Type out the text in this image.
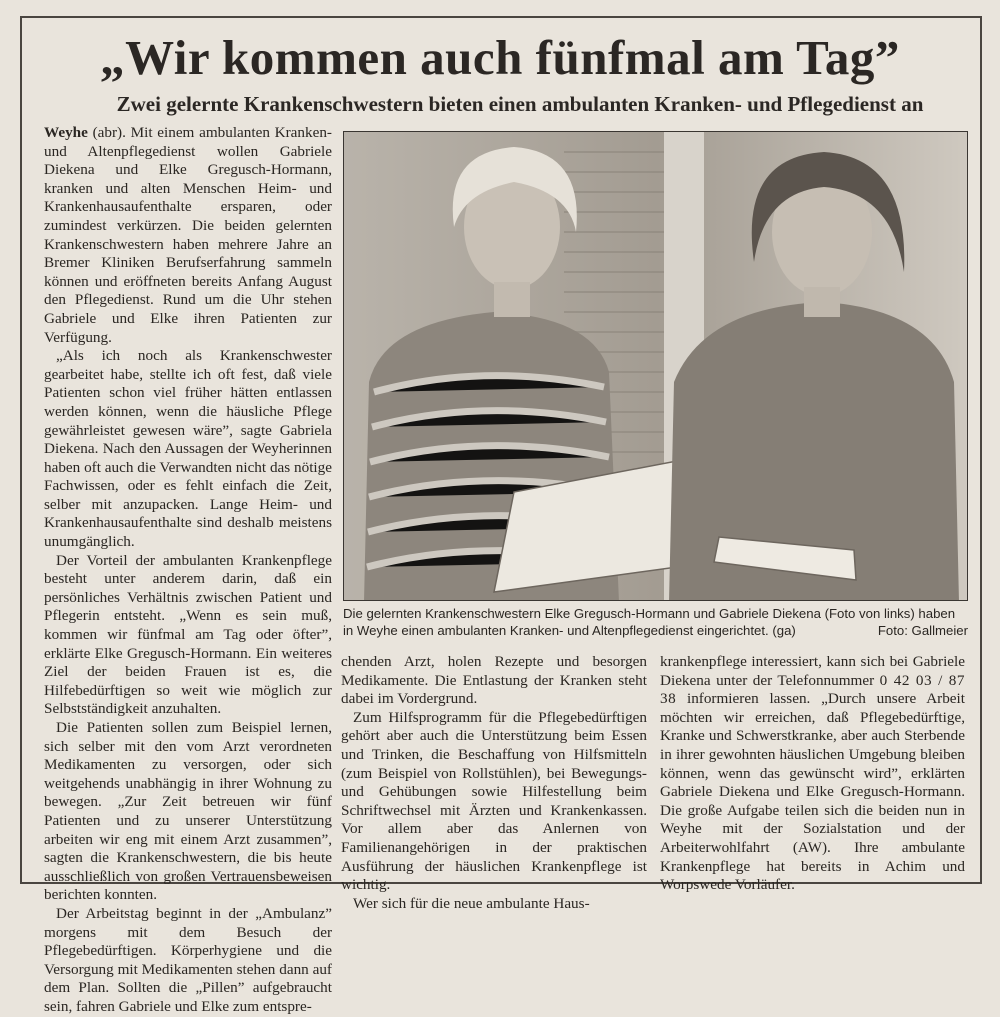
„Wir kommen auch fünfmal am Tag”
Zwei gelernte Krankenschwestern bieten einen ambulanten Kranken- und Pflegedienst an

Weyhe (abr). Mit einem ambulanten Kranken- und Altenpflegedienst wollen Gabriele Diekena und Elke Gregusch-Hormann, kranken und alten Menschen Heim- und Krankenhausaufenthalte ersparen, oder zumindest verkürzen. Die beiden gelernten Krankenschwestern haben mehrere Jahre an Bremer Kliniken Berufserfahrung sammeln können und eröffneten bereits Anfang August den Pflegedienst. Rund um die Uhr stehen Gabriele und Elke ihren Patienten zur Verfügung.

„Als ich noch als Krankenschwester gearbeitet habe, stellte ich oft fest, daß viele Patienten schon viel früher hätten entlassen werden können, wenn die häusliche Pflege gewährleistet gewesen wäre”, sagte Gabriela Diekena. Nach den Aussagen der Weyherinnen haben oft auch die Verwandten nicht das nötige Fachwissen, oder es fehlt einfach die Zeit, selber mit anzupacken. Lange Heim- und Krankenhausaufenthalte sind deshalb meistens unumgänglich.

Der Vorteil der ambulanten Krankenpflege besteht unter anderem darin, daß ein persönliches Verhältnis zwischen Patient und Pflegerin entsteht. „Wenn es sein muß, kommen wir fünfmal am Tag oder öfter”, erklärte Elke Gregusch-Hormann. Ein weiteres Ziel der beiden Frauen ist es, die Hilfebedürftigen so weit wie möglich zur Selbstständigkeit anzuhalten.

Die Patienten sollen zum Beispiel lernen, sich selber mit den vom Arzt verordneten Medikamenten zu versorgen, oder sich weitgehends unabhängig in ihrer Wohnung zu bewegen. „Zur Zeit betreuen wir fünf Patienten und zu unserer Unterstützung arbeiten wir eng mit einem Arzt zusammen”, sagten die Krankenschwestern, die bis heute ausschließlich von großen Vertrauensbeweisen berichten konnten.

Der Arbeitstag beginnt in der „Ambulanz” morgens mit dem Besuch der Pflegebedürftigen. Körperhygiene und die Versorgung mit Medikamenten stehen dann auf dem Plan. Sollten die „Pillen” aufgebraucht sein, fahren Gabriele und Elke zum entspre-

Die gelernten Krankenschwestern Elke Gregusch-Hormann und Gabriele Diekena (Foto von links) haben in Weyhe einen ambulanten Kranken- und Altenpflegedienst eingerichtet. (ga)	Foto: Gallmeier

chenden Arzt, holen Rezepte und besorgen Medikamente. Die Entlastung der Kranken steht dabei im Vordergrund.

Zum Hilfsprogramm für die Pflegebedürftigen gehört aber auch die Unterstützung beim Essen und Trinken, die Beschaffung von Hilfsmitteln (zum Beispiel von Rollstühlen), bei Bewegungs- und Gehübungen sowie Hilfestellung beim Schriftwechsel mit Ärzten und Krankenkassen. Vor allem aber das Anlernen von Familienangehörigen in der praktischen Ausführung der häuslichen Krankenpflege ist wichtig.

Wer sich für die neue ambulante Haus-

krankenpflege interessiert, kann sich bei Gabriele Diekena unter der Telefonnummer 0 42 03 / 87 38 informieren lassen. „Durch unsere Arbeit möchten wir erreichen, daß Pflegebedürftige, Kranke und Schwerstkranke, aber auch Sterbende in ihrer gewohnten häuslichen Umgebung bleiben können, wenn das gewünscht wird”, erklärten Gabriele Diekena und Elke Gregusch-Hormann. Die große Aufgabe teilen sich die beiden nun in Weyhe mit der Sozialstation und der Arbeiterwohlfahrt (AW). Ihre ambulante Krankenpflege hat bereits in Achim und Worpswede Vorläufer.
